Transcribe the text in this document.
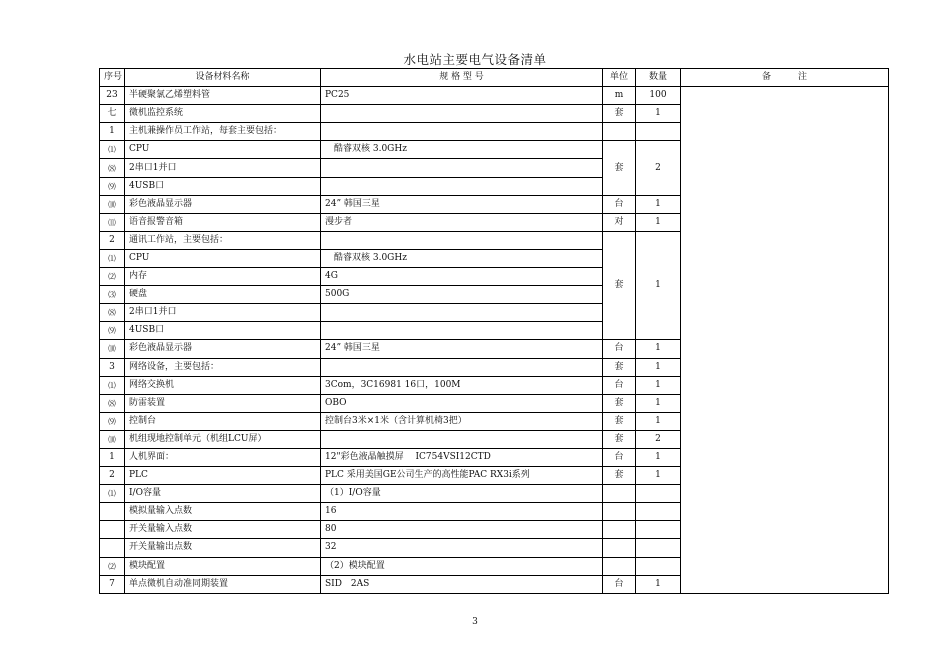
水电站主要电气设备清单
序号	设备材料名称	规 格 型 号	单位	数量	备　　　注
23	半硬聚氯乙烯塑料管	PC25	m	100	
七	微机监控系统		套	1	
1	主机兼操作员工作站，每套主要包括：				
⑴	CPU	　酷睿双核 3.0GHz	套	2	
⑻	2串口1并口				
⑼	4USB口				
⑽	彩色液晶显示器	24” 韩国三星	台	1	
⑾	语音报警音箱	漫步者	对	1	
2	通讯工作站，主要包括：		套	1	
⑴	CPU	　酷睿双核 3.0GHz			
⑵	内存	4G			
⑶	硬盘	500G			
⑻	2串口1并口				
⑼	4USB口				
⑽	彩色液晶显示器	24” 韩国三星	台	1	
3	网络设备，主要包括：		套	1	
⑴	网络交换机	3Com，3C16981 16口，100M	台	1	
⑻	防雷装置	OBO	套	1	
⑼	控制台	控制台3米×1米（含计算机椅3把）	套	1	
⑽	机组现地控制单元（机组LCU屏）		套	2	
1	人机界面：	12"彩色液晶触摸屏　 IC754VSI12CTD	台	1	
2	PLC	PLC 采用美国GE公司生产的高性能PAC RX3i系列	套	1	
⑴	I/O容量	（1）I/O容量			
	模拟量输入点数	16			
	开关量输入点数	80			
	开关量输出点数	32			
⑵	模块配置	（2）模块配置			
7	单点微机自动准同期装置	SID　2AS	台	1	
3
